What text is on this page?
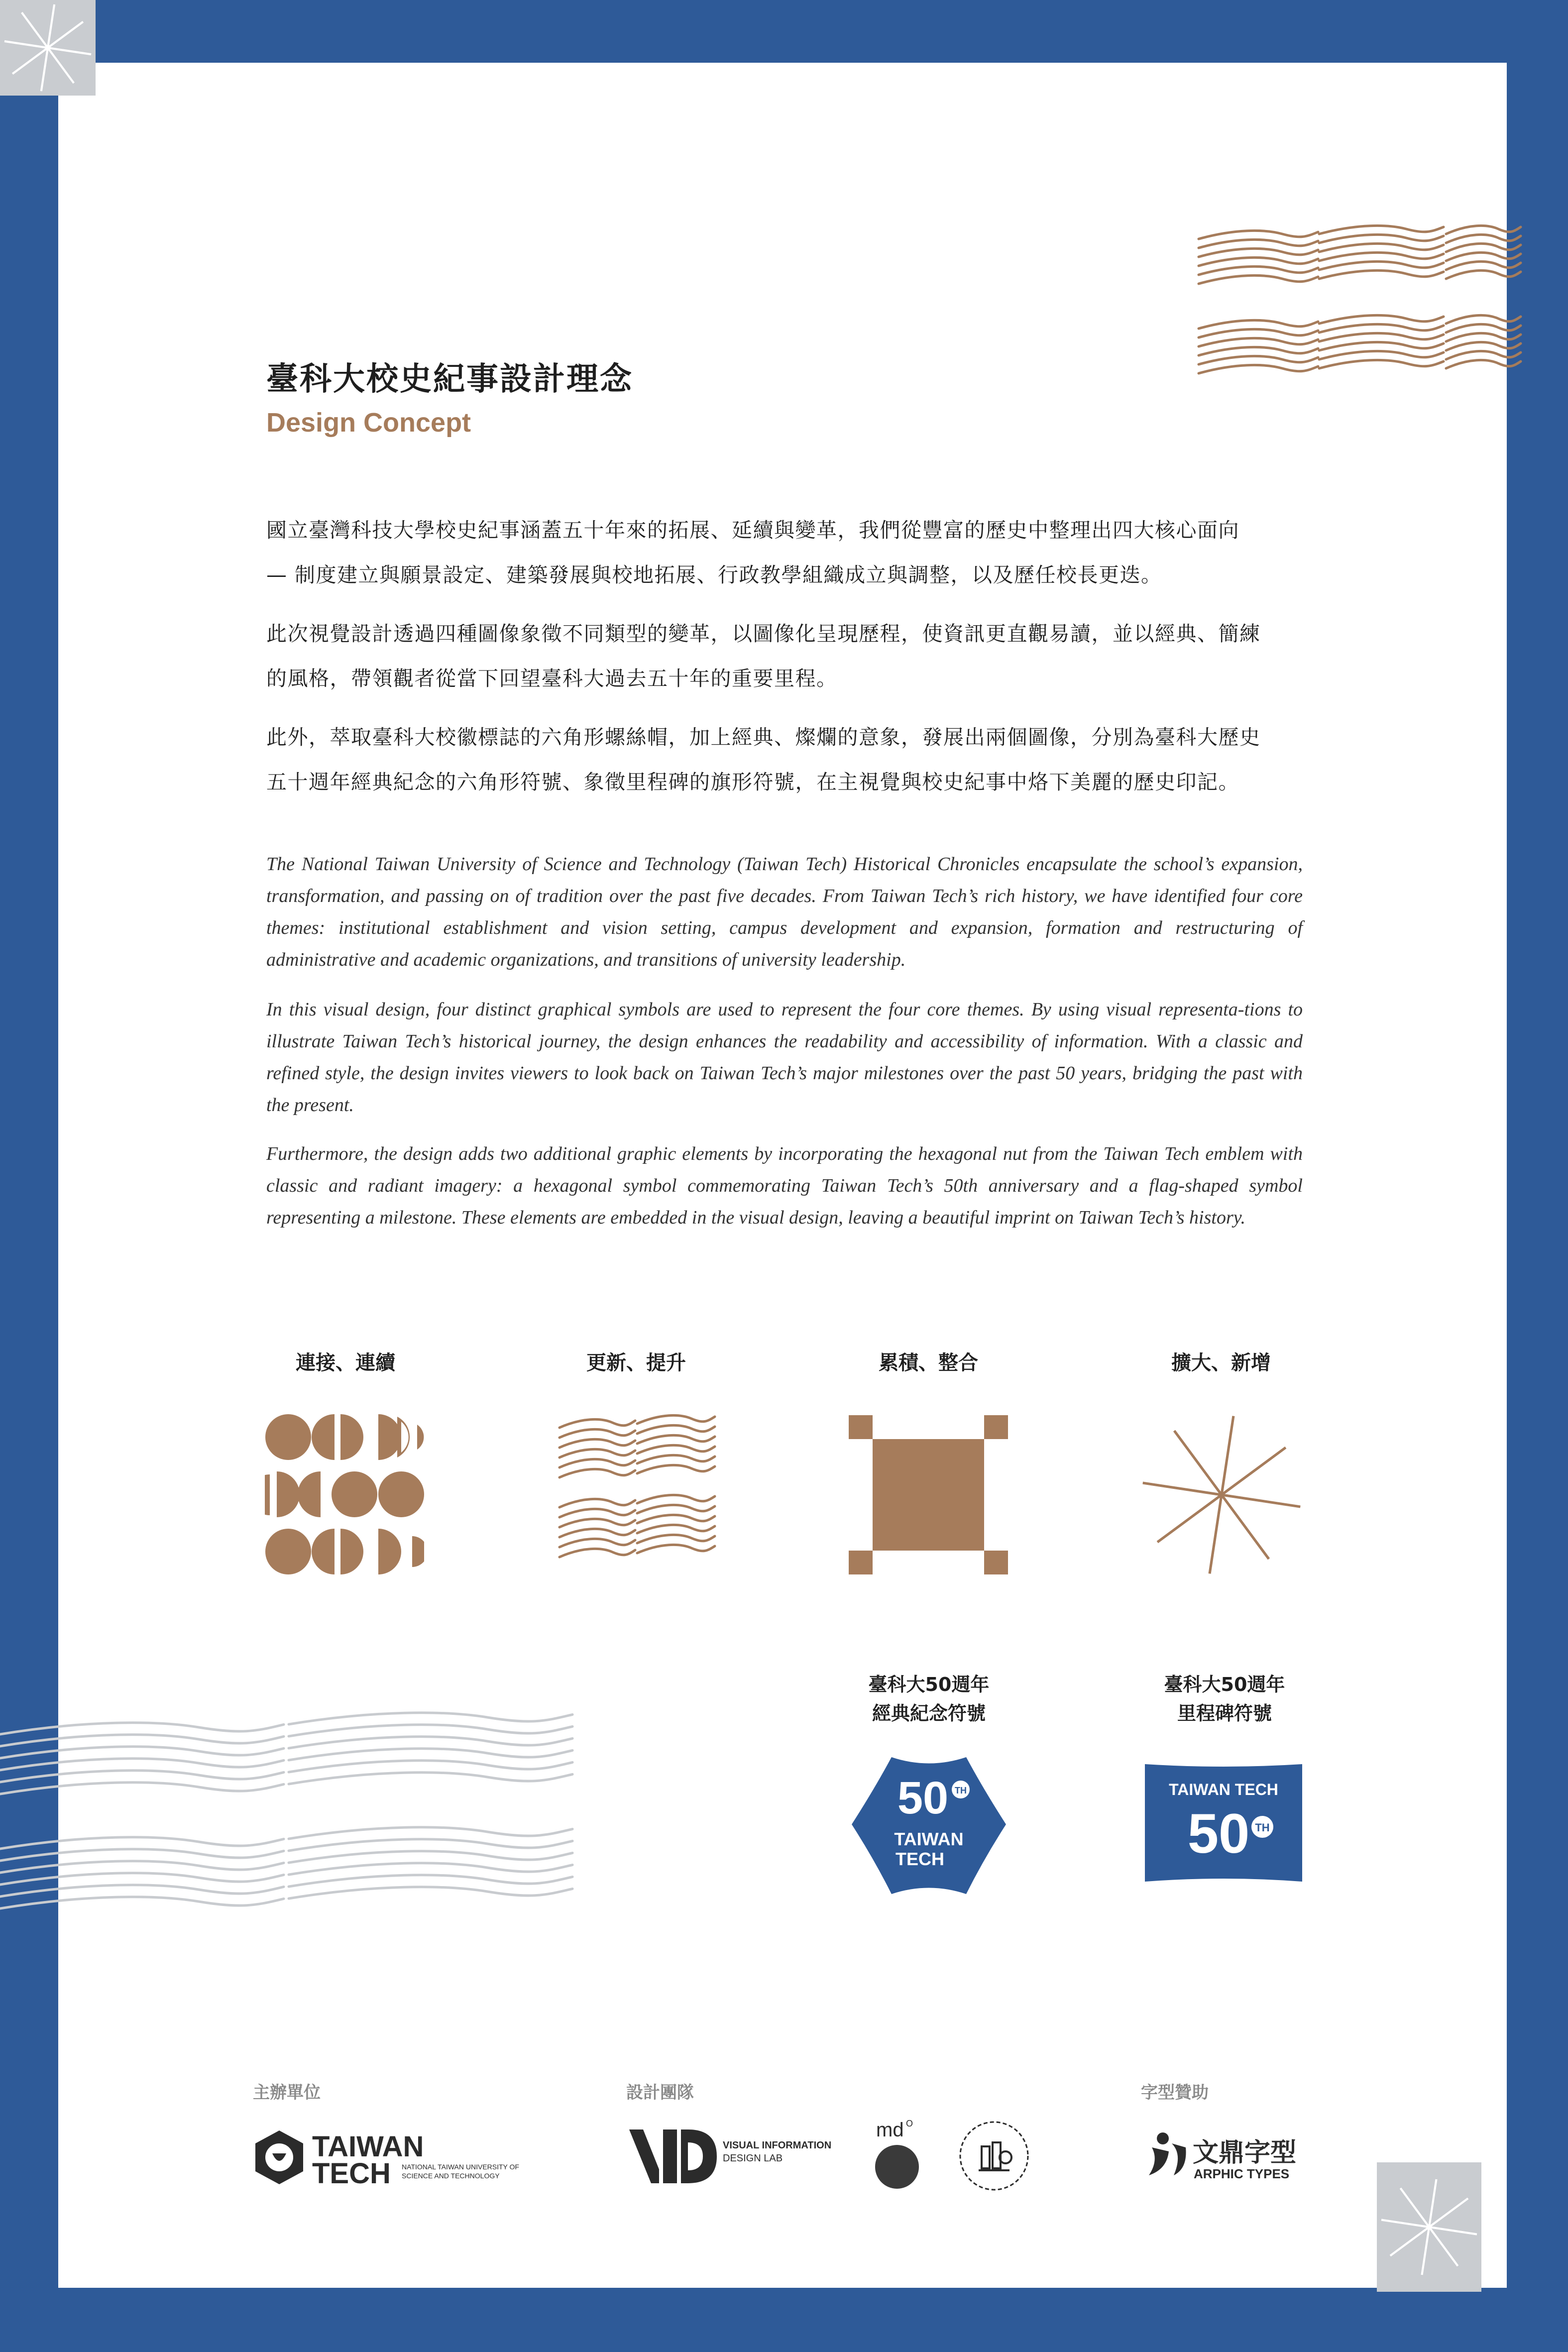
臺科大校史紀事設計理念
Design Concept

國立臺灣科技大學校史紀事涵蓋五十年來的拓展、延續與變革，我們從豐富的歷史中整理出四大核心面向
— 制度建立與願景設定、建築發展與校地拓展、行政教學組織成立與調整，以及歷任校長更迭。

此次視覺設計透過四種圖像象徵不同類型的變革，以圖像化呈現歷程，使資訊更直觀易讀，並以經典、簡練
的風格，帶領觀者從當下回望臺科大過去五十年的重要里程。

此外，萃取臺科大校徽標誌的六角形螺絲帽，加上經典、燦爛的意象，發展出兩個圖像，分別為臺科大歷史
五十週年經典紀念的六角形符號、象徵里程碑的旗形符號，在主視覺與校史紀事中烙下美麗的歷史印記。

The National Taiwan University of Science and Technology (Taiwan Tech) Historical Chronicles encapsulate the school’s expansion, transformation, and passing on of tradition over the past five decades. From Taiwan Tech’s rich history, we have identified four core themes: institutional establishment and vision setting, campus development and expansion, formation and restructuring of administrative and academic organizations, and transitions of university leadership.

In this visual design, four distinct graphical symbols are used to represent the four core themes. By using visual representa-tions to illustrate Taiwan Tech’s historical journey, the design enhances the readability and accessibility of information. With a classic and refined style, the design invites viewers to look back on Taiwan Tech’s major milestones over the past 50 years, bridging the past with the present.

Furthermore, the design adds two additional graphic elements by incorporating the hexagonal nut from the Taiwan Tech emblem with classic and radiant imagery: a hexagonal symbol commemorating Taiwan Tech’s 50th anniversary and a flag-shaped symbol representing a milestone. These elements are embedded in the visual design, leaving a beautiful imprint on Taiwan Tech’s history.

連接、連續	更新、提升	累積、整合	擴大、新增

臺科大50週年
經典紀念符號

臺科大50週年
里程碑符號

50 TH
TAIWAN
TECH
TAIWAN TECH
50 TH

主辦單位	設計團隊	字型贊助

TAIWAN
TECH NATIONAL TAIWAN UNIVERSITY OF
SCIENCE AND TECHNOLOGY
VISUAL INFORMATION
DESIGN LAB
md O
文鼎字型
ARPHIC TYPES
